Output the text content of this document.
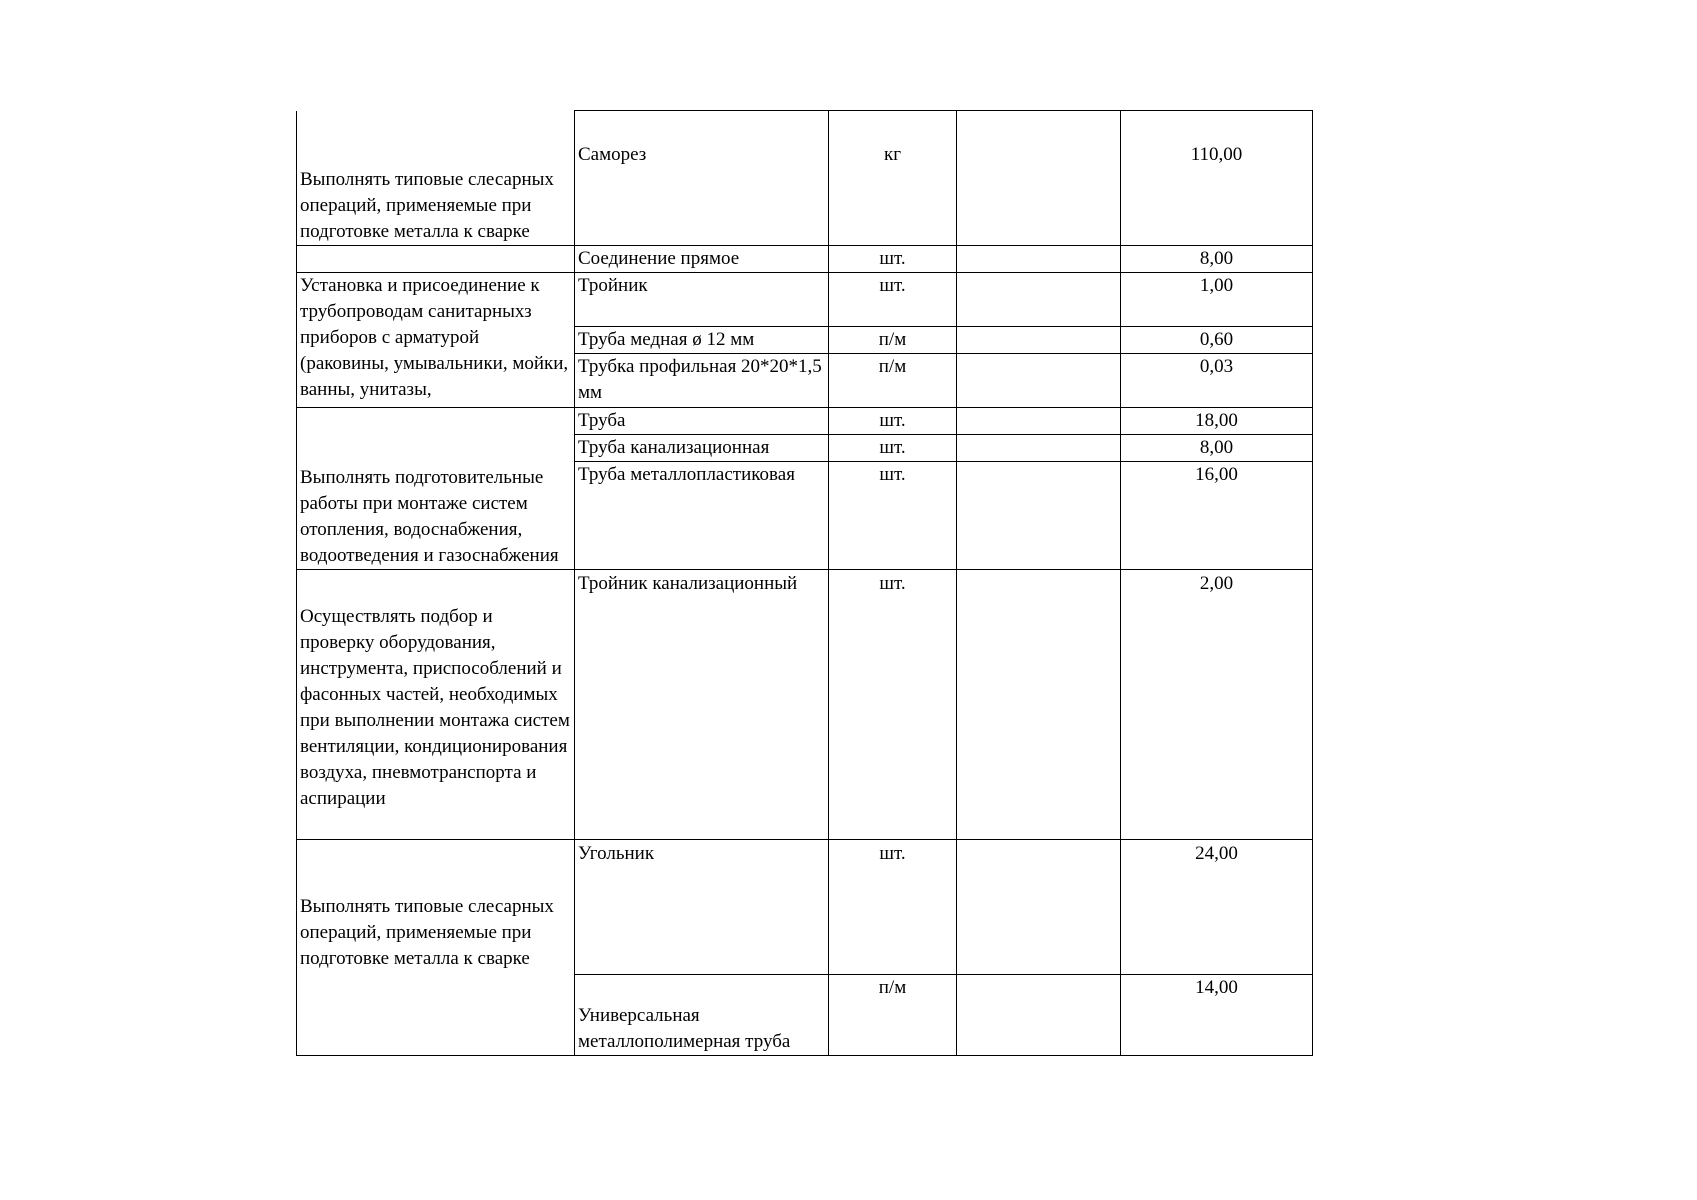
Выполнять типовые слесарных операций, применяемые при подготовке металла к сварке	Саморез	кг		110,00

	Соединение прямое	шт.		8,00

Установка и присоединение к трубопроводам санитарныхз приборов с арматурой (раковины, умывальники, мойки, ванны, унитазы,	Тройник	шт.		1,00
	Труба медная ø 12 мм	п/м		0,60
	Трубка профильная 20*20*1,5 мм	п/м		0,03

Выполнять подготовительные работы при монтаже систем отопления, водоснабжения, водоотведения и газоснабжения	Труба	шт.		18,00
	Труба канализационная	шт.		8,00
	Труба металлопластиковая	шт.		16,00

Осуществлять подбор и проверку оборудования, инструмента, приспособлений и фасонных частей, необходимых при выполнении монтажа систем вентиляции, кондиционирования воздуха, пневмотранспорта и аспирации	Тройник канализационный	шт.		2,00

Выполнять типовые слесарных операций, применяемые при подготовке металла к сварке	Угольник	шт.		24,00

	Универсальная металлополимерная труба	п/м		14,00
